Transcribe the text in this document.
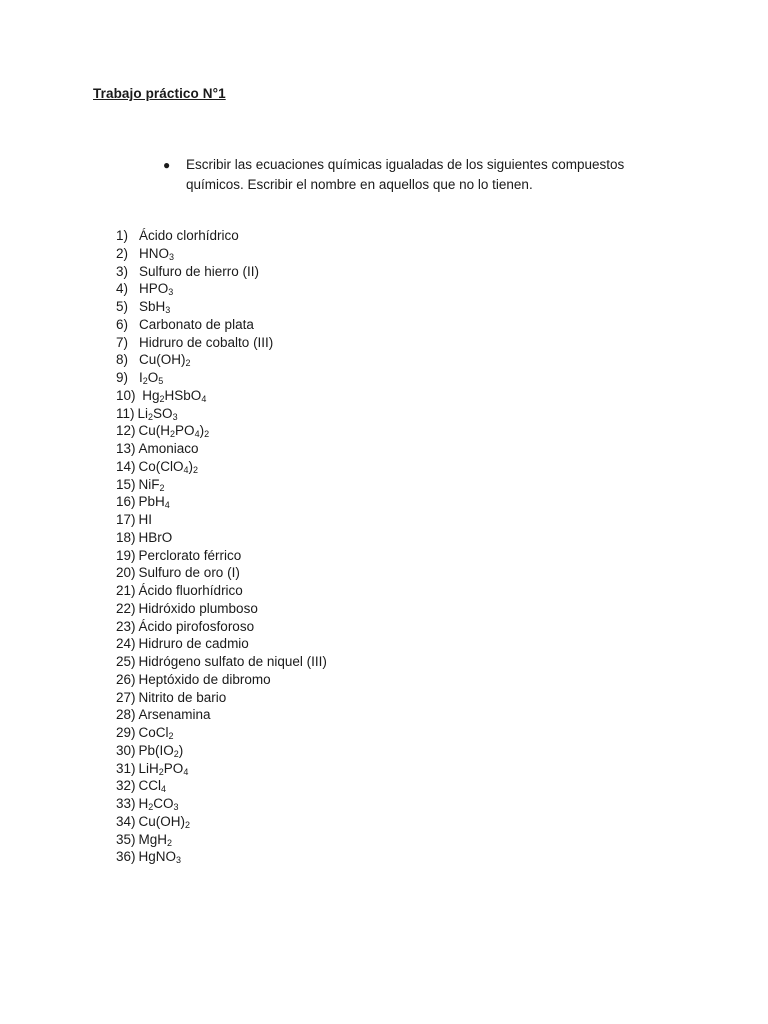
Trabajo práctico N°1
●	Escribir las ecuaciones químicas igualadas de los siguientes compuestos químicos. Escribir el nombre en aquellos que no lo tienen.
1) Ácido clorhídrico
2) $HNO_3$
3) Sulfuro de hierro (II)
4) $HPO_3$
5) SbH$_3$
6) Carbonato de plata
7) Hidruro de cobalto (III)
8) $Cu(OH)_2$
9) $I_2O_5$
10) $Hg_2HSbO_4$
11) $Li_2SO_3$
12) $Cu(H_2PO_4)_2$
13) Amoniaco
14) $Co(ClO_4)_2$
15) NiF$_2$
16) PbH$_4$
17) HI
18) HBrO
19) Perclorato férrico
20) Sulfuro de oro (I)
21) Ácido fluorhídrico
22) Hidróxido plumboso
23) Ácido pirofosforoso
24) Hidruro de cadmio
25) Hidrógeno sulfato de niquel (III)
26) Heptóxido de dibromo
27) Nitrito de bario
28) Arsenamina
29) CoCl$_2$
30) $Pb(IO_2)$
31) $LiH_2PO_4$
32) CCl$_4$
33) $H_2CO_3$
34) $Cu(OH)_2$
35) MgH$_2$
36) HgNO$_3$
